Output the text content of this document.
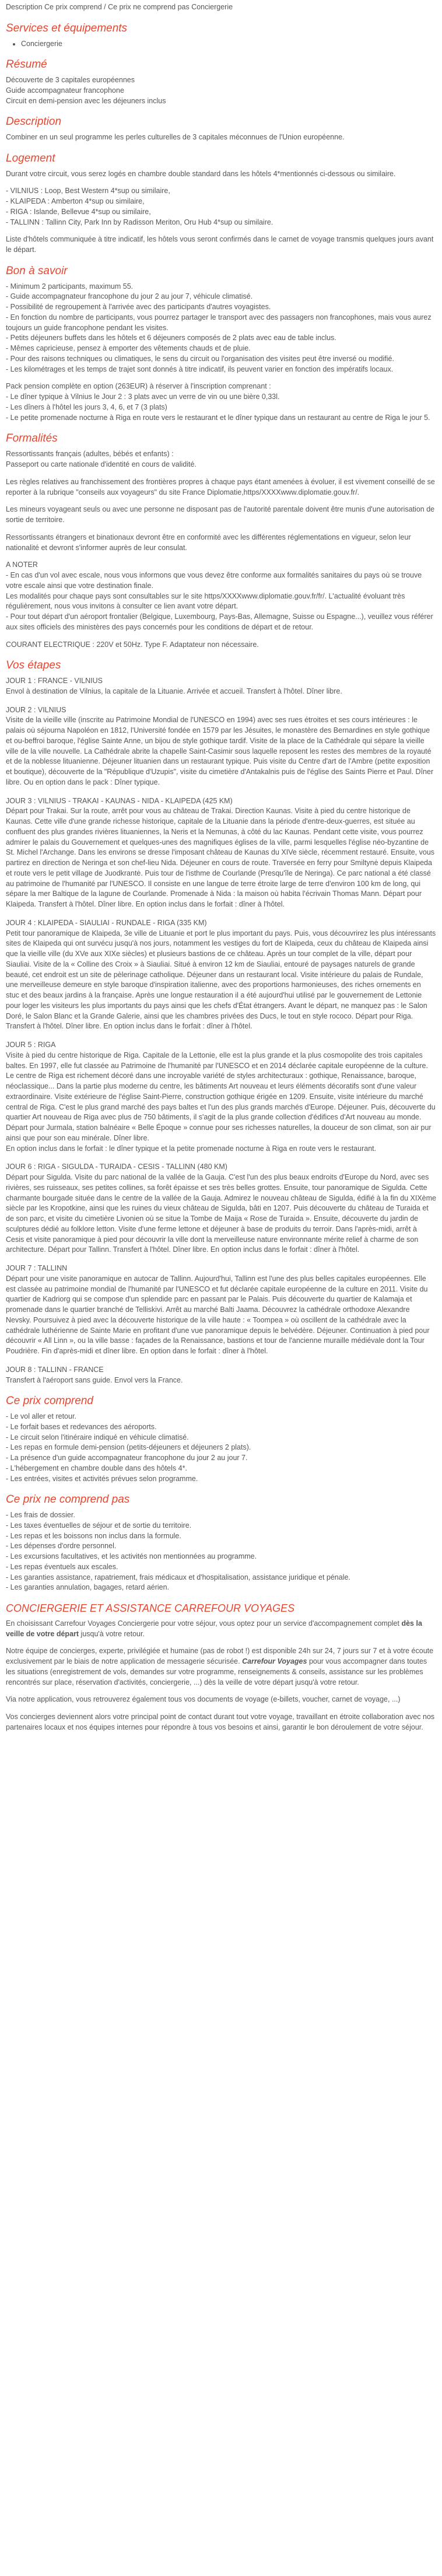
Description Ce prix comprend / Ce prix ne comprend pas Conciergerie
Services et équipements
• Conciergerie
Résumé
Découverte de 3 capitales européennes
Guide accompagnateur francophone
Circuit en demi-pension avec les déjeuners inclus
Description

Combiner en un seul programme les perles culturelles de 3 capitales méconnues de l'Union européenne.

Logement

Durant votre circuit, vous serez logés en chambre double standard dans les hôtels 4*mentionnés ci-dessous ou similaire.

- VILNIUS : Loop, Best Western 4*sup ou similaire,
- KLAIPEDA : Amberton 4*sup ou similaire,
- RIGA : Islande, Bellevue 4*sup ou similaire,
- TALLINN : Tallinn City, Park Inn by Radisson Meriton, Oru Hub 4*sup ou similaire.

Liste d'hôtels communiquée à titre indicatif, les hôtels vous seront confirmés dans le carnet de voyage transmis quelques jours avant le départ.

Bon à savoir
- Minimum 2 participants, maximum 55.
- Guide accompagnateur francophone du jour 2 au jour 7, véhicule climatisé.
- Possibilité de regroupement à l'arrivée avec des participants d'autres voyagistes.
- En fonction du nombre de participants, vous pourrez partager le transport avec des passagers non francophones, mais vous aurez toujours un guide francophone pendant les visites.
- Petits déjeuners buffets dans les hôtels et 6 déjeuners composés de 2 plats avec eau de table inclus.
- Mêmes capricieuse, pensez à emporter des vêtements chauds et de pluie.
- Pour des raisons techniques ou climatiques, le sens du circuit ou l'organisation des visites peut être inversé ou modifié.
- Les kilométrages et les temps de trajet sont donnés à titre indicatif, ils peuvent varier en fonction des impératifs locaux.
Pack pension complète en option (263EUR) à réserver à l'inscription comprenant :
- Le dîner typique à Vilnius le Jour 2 : 3 plats avec un verre de vin ou une bière 0,33l.
- Les dîners à l'hôtel les jours 3, 4, 6, et 7 (3 plats)
- Le petite promenade nocturne à Riga en route vers le restaurant et le dîner typique dans un restaurant au centre de Riga le jour 5.
Formalités
Ressortissants français (adultes, bébés et enfants) :
Passeport ou carte nationale d'identité en cours de validité.

Les règles relatives au franchissement des frontières propres à chaque pays étant amenées à évoluer, il est vivement conseillé de se reporter à la rubrique "conseils aux voyageurs" du site France Diplomatie,https/XXXXwww.diplomatie.gouv.fr/.

Les mineurs voyageant seuls ou avec une personne ne disposant pas de l'autorité parentale doivent être munis d'une autorisation de sortie de territoire.

Ressortissants étrangers et binationaux devront être en conformité avec les différentes réglementations en vigueur, selon leur nationalité et devront s'informer auprès de leur consulat.

A NOTER
- En cas d'un vol avec escale, nous vous informons que vous devez être conforme aux formalités sanitaires du pays où se trouve votre escale ainsi que votre destination finale.
Les modalités pour chaque pays sont consultables sur le site https/XXXXwww.diplomatie.gouv.fr/fr/. L'actualité évoluant très régulièrement, nous vous invitons à consulter ce lien avant votre départ.
- Pour tout départ d'un aéroport frontalier (Belgique, Luxembourg, Pays-Bas, Allemagne, Suisse ou Espagne...), veuillez vous référer aux sites officiels des ministères des pays concernés pour les conditions de départ et de retour.

COURANT ELECTRIQUE : 220V et 50Hz. Type F. Adaptateur non nécessaire.

Vos étapes
JOUR 1 : FRANCE - VILNIUS
Envol à destination de Vilnius, la capitale de la Lituanie. Arrivée et accueil. Transfert à l'hôtel. Dîner libre.
JOUR 2 : VILNIUS
Visite de la vieille ville (inscrite au Patrimoine Mondial de l'UNESCO en 1994) avec ses rues étroites et ses cours intérieures : le palais où séjourna Napoléon en 1812, l'Université fondée en 1579 par les Jésuites, le monastère des Bernardines en style gothique et ou-beffroi baroque, l'église Sainte Anne, un bijou de style gothique tardif. Visite de la place de la Cathédrale qui sépare la vieille ville de la ville nouvelle. La Cathédrale abrite la chapelle Saint-Casimir sous laquelle reposent les restes des membres de la royauté et de la noblesse lituanienne. Déjeuner lituanien dans un restaurant typique. Puis visite du Centre d'art de l'Ambre (petite exposition et boutique), découverte de la "République d'Uzupis", visite du cimetière d'Antakalnis puis de l'église des Saints Pierre et Paul. Dîner libre. Ou en option dans le pack : Dîner typique.
JOUR 3 : VILNIUS - TRAKAI - KAUNAS - NIDA - KLAIPEDA (425 KM)
Départ pour Trakai. Sur la route, arrêt pour vous au château de Trakai. Direction Kaunas. Visite à pied du centre historique de Kaunas. Cette ville d'une grande richesse historique, capitale de la Lituanie dans la période d'entre-deux-guerres, est située au confluent des plus grandes rivières lituaniennes, la Neris et la Nemunas, à côté du lac Kaunas. Pendant cette visite, vous pourrez admirer le palais du Gouvernement et quelques-unes des magnifiques églises de la ville, parmi lesquelles l'église néo-byzantine de St. Michel l'Archange. Dans les environs se dresse l'imposant château de Kaunas du XIVe siècle, récemment restauré. Ensuite, vous partirez en direction de Neringa et son chef-lieu Nida. Déjeuner en cours de route. Traversée en ferry pour Smiltynė depuis Klaipeda et route vers le petit village de Juodkrantė. Puis tour de l'isthme de Courlande (Presqu'île de Neringa). Ce parc national a été classé au patrimoine de l'humanité par l'UNESCO. Il consiste en une langue de terre étroite large de terre d'environ 100 km de long, qui sépare la mer Baltique de la lagune de Courlande. Promenade à Nida : la maison où habita l'écrivain Thomas Mann. Départ pour Klaipeda. Transfert à l'hôtel. Dîner libre. En option inclus dans le forfait : dîner à l'hôtel.
JOUR 4 : KLAIPEDA - SIAULIAI - RUNDALE - RIGA (335 KM)
Petit tour panoramique de Klaipeda, 3e ville de Lituanie et port le plus important du pays. Puis, vous découvrirez les plus intéressants sites de Klaipeda qui ont survécu jusqu'à nos jours, notamment les vestiges du fort de Klaipeda, ceux du château de Klaipeda ainsi que la vieille ville (du XVe aux XIXe siècles) et plusieurs bastions de ce château. Après un tour complet de la ville, départ pour Siauliai. Visite de la « Colline des Croix » à Siauliai. Situé à environ 12 km de Siauliai, entouré de paysages naturels de grande beauté, cet endroit est un site de pèlerinage catholique. Déjeuner dans un restaurant local. Visite intérieure du palais de Rundale, une merveilleuse demeure en style baroque d'inspiration italienne, avec des proportions harmonieuses, des riches ornements en stuc et des beaux jardins à la française. Après une longue restauration il a été aujourd'hui utilisé par le gouvernement de Lettonie pour loger les visiteurs les plus importants du pays ainsi que les chefs d'État étrangers. Avant le départ, ne manquez pas : le Salon Doré, le Salon Blanc et la Grande Galerie, ainsi que les chambres privées des Ducs, le tout en style rococo. Départ pour Riga. Transfert à l'hôtel. Dîner libre. En option inclus dans le forfait : dîner à l'hôtel.
JOUR 5 : RIGA
Visite à pied du centre historique de Riga. Capitale de la Lettonie, elle est la plus grande et la plus cosmopolite des trois capitales baltes. En 1997, elle fut classée au Patrimoine de l'humanité par l'UNESCO et en 2014 déclarée capitale européenne de la culture. Le centre de Riga est richement décoré dans une incroyable variété de styles architecturaux : gothique, Renaissance, baroque, néoclassique... Dans la partie plus moderne du centre, les bâtiments Art nouveau et leurs éléments décoratifs sont d'une valeur extraordinaire. Visite extérieure de l'église Saint-Pierre, construction gothique érigée en 1209. Ensuite, visite intérieure du marché central de Riga. C'est le plus grand marché des pays baltes et l'un des plus grands marchés d'Europe. Déjeuner. Puis, découverte du quartier Art nouveau de Riga avec plus de 750 bâtiments, il s'agit de la plus grande collection d'édifices d'Art nouveau au monde. Départ pour Jurmala, station balnéaire « Belle Époque » connue pour ses richesses naturelles, la douceur de son climat, son air pur ainsi que pour son eau minérale. Dîner libre.
En option inclus dans le forfait : le dîner typique et la petite promenade nocturne à Riga en route vers le restaurant.
JOUR 6 : RIGA - SIGULDA - TURAIDA - CESIS - TALLINN (480 KM)
Départ pour Sigulda. Visite du parc national de la vallée de la Gauja. C'est l'un des plus beaux endroits d'Europe du Nord, avec ses rivières, ses ruisseaux, ses petites collines, sa forêt épaisse et ses très belles grottes. Ensuite, tour panoramique de Sigulda. Cette charmante bourgade située dans le centre de la vallée de la Gauja. Admirez le nouveau château de Sigulda, édifié à la fin du XIXème siècle par les Kropotkine, ainsi que les ruines du vieux château de Sigulda, bâti en 1207. Puis découverte du château de Turaida et de son parc, et visite du cimetière Livonien où se situe la Tombe de Maija « Rose de Turaida ». Ensuite, découverte du jardin de sculptures dédié au folklore letton. Visite d'une ferme lettone et déjeuner à base de produits du terroir. Dans l'après-midi, arrêt à Cesis et visite panoramique à pied pour découvrir la ville dont la merveilleuse nature environnante mérite relief à charme de son architecture. Départ pour Tallinn. Transfert à l'hôtel. Dîner libre. En option inclus dans le forfait : dîner à l'hôtel.
JOUR 7 : TALLINN
Départ pour une visite panoramique en autocar de Tallinn. Aujourd'hui, Tallinn est l'une des plus belles capitales européennes. Elle est classée au patrimoine mondial de l'humanité par l'UNESCO et fut déclarée capitale européenne de la culture en 2011. Visite du quartier de Kadriorg qui se compose d'un splendide parc en passant par le Palais. Puis découverte du quartier de Kalamaja et promenade dans le quartier branché de Telliskivi. Arrêt au marché Balti Jaama. Découvrez la cathédrale orthodoxe Alexandre Nevsky. Poursuivez à pied avec la découverte historique de la ville haute : « Toompea » où oscillent de la cathédrale avec la cathédrale luthérienne de Sainte Marie en profitant d'une vue panoramique depuis le belvédère. Déjeuner. Continuation à pied pour découvrir « All Linn », ou la ville basse : façades de la Renaissance, bastions et tour de l'ancienne muraille médiévale dont la Tour Poudrière. Fin d'après-midi et dîner libre. En option dans le forfait : dîner à l'hôtel.
JOUR 8 : TALLINN - FRANCE
Transfert à l'aéroport sans guide. Envol vers la France.
Ce prix comprend
- Le vol aller et retour.
- Le forfait bases et redevances des aéroports.
- Le circuit selon l'itinéraire indiqué en véhicule climatisé.
- Les repas en formule demi-pension (petits-déjeuners et déjeuners 2 plats).
- La présence d'un guide accompagnateur francophone du jour 2 au jour 7.
- L'hébergement en chambre double dans des hôtels 4*.
- Les entrées, visites et activités prévues selon programme.
Ce prix ne comprend pas
- Les frais de dossier.
- Les taxes éventuelles de séjour et de sortie du territoire.
- Les repas et les boissons non inclus dans la formule.
- Les dépenses d'ordre personnel.
- Les excursions facultatives, et les activités non mentionnées au programme.
- Les repas éventuels aux escales.
- Les garanties assistance, rapatriement, frais médicaux et d'hospitalisation, assistance juridique et pénale.
- Les garanties annulation, bagages, retard aérien.
CONCIERGERIE ET ASSISTANCE CARREFOUR VOYAGES

En choisissant Carrefour Voyages Conciergerie pour votre séjour, vous optez pour un service d'accompagnement complet dès la veille de votre départ jusqu'à votre retour.

Notre équipe de concierges, experte, privilégiée et humaine (pas de robot !) est disponible 24h sur 24, 7 jours sur 7 et à votre écoute exclusivement par le biais de notre application de messagerie sécurisée. Carrefour Voyages pour vous accompagner dans toutes les situations (enregistrement de vols, demandes sur votre programme, renseignements & conseils, assistance sur les problèmes rencontrés sur place, réservation d'activités, conciergerie, ...) dès la veille de votre départ jusqu'à votre retour.

Via notre application, vous retrouverez également tous vos documents de voyage (e-billets, voucher, carnet de voyage, ...)

Vos concierges deviennent alors votre principal point de contact durant tout votre voyage, travaillant en étroite collaboration avec nos partenaires locaux et nos équipes internes pour répondre à tous vos besoins et ainsi, garantir le bon déroulement de votre séjour.
